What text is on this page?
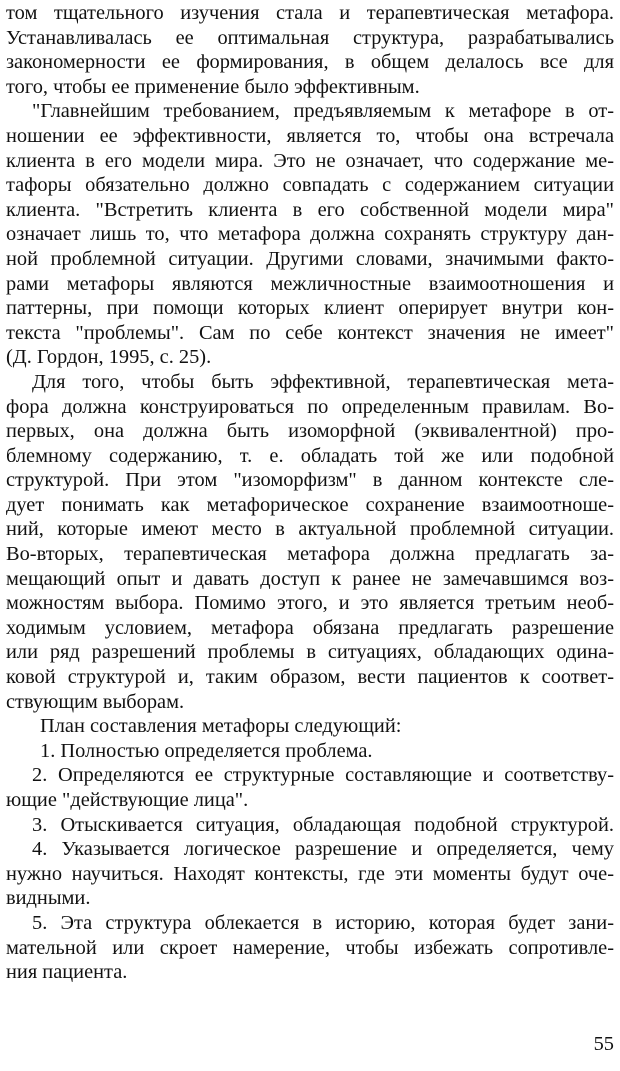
том тщательного изучения стала и терапевтическая метафора.
Устанавливалась ее оптимальная структура, разрабатывались
закономерности ее формирования, в общем делалось все для
того, чтобы ее применение было эффективным.
"Главнейшим требованием, предъявляемым к метафоре в от-
ношении ее эффективности, является то, чтобы она встречала
клиента в его модели мира. Это не означает, что содержание ме-
тафоры обязательно должно совпадать с содержанием ситуации
клиента. "Встретить клиента в его собственной модели мира"
означает лишь то, что метафора должна сохранять структуру дан-
ной проблемной ситуации. Другими словами, значимыми факто-
рами метафоры являются межличностные взаимоотношения и
паттерны, при помощи которых клиент оперирует внутри кон-
текста "проблемы". Сам по себе контекст значения не имеет"
(Д. Гордон, 1995, с. 25).
Для того, чтобы быть эффективной, терапевтическая мета-
фора должна конструироваться по определенным правилам. Во-
первых, она должна быть изоморфной (эквивалентной) про-
блемному содержанию, т. е. обладать той же или подобной
структурой. При этом "изоморфизм" в данном контексте сле-
дует понимать как метафорическое сохранение взаимоотноше-
ний, которые имеют место в актуальной проблемной ситуации.
Во-вторых, терапевтическая метафора должна предлагать за-
мещающий опыт и давать доступ к ранее не замечавшимся воз-
можностям выбора. Помимо этого, и это является третьим необ-
ходимым условием, метафора обязана предлагать разрешение
или ряд разрешений проблемы в ситуациях, обладающих одина-
ковой структурой и, таким образом, вести пациентов к соответ-
ствующим выборам.
План составления метафоры следующий:
1. Полностью определяется проблема.
2. Определяются ее структурные составляющие и соответству-
ющие "действующие лица".
3. Отыскивается ситуация, обладающая подобной структурой.
4. Указывается логическое разрешение и определяется, чему
нужно научиться. Находят контексты, где эти моменты будут оче-
видными.
5. Эта структура облекается в историю, которая будет зани-
мательной или скроет намерение, чтобы избежать сопротивле-
ния пациента.
55
